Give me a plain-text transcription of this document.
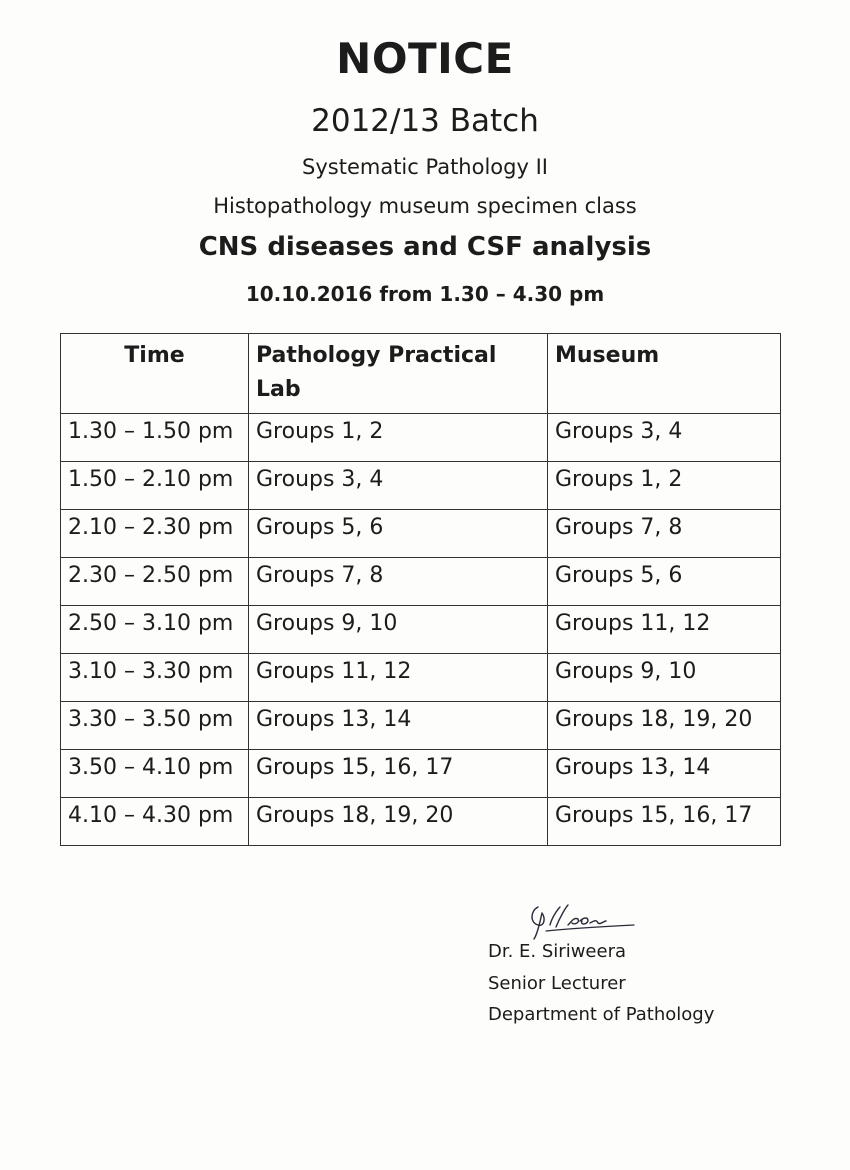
NOTICE
2012/13 Batch
Systematic Pathology II
Histopathology museum specimen class
CNS diseases and CSF analysis
10.10.2016 from 1.30 – 4.30 pm
Time	Pathology Practical Lab	Museum
1.30 – 1.50 pm	Groups 1, 2	Groups 3, 4
1.50 – 2.10 pm	Groups 3, 4	Groups 1, 2
2.10 – 2.30 pm	Groups 5, 6	Groups 7, 8
2.30 – 2.50 pm	Groups 7, 8	Groups 5, 6
2.50 – 3.10 pm	Groups 9, 10	Groups 11, 12
3.10 – 3.30 pm	Groups 11, 12	Groups 9, 10
3.30 – 3.50 pm	Groups 13, 14	Groups 18, 19, 20
3.50 – 4.10 pm	Groups 15, 16, 17	Groups 13, 14
4.10 – 4.30 pm	Groups 18, 19, 20	Groups 15, 16, 17
Dr. E. Siriweera
Senior Lecturer
Department of Pathology
